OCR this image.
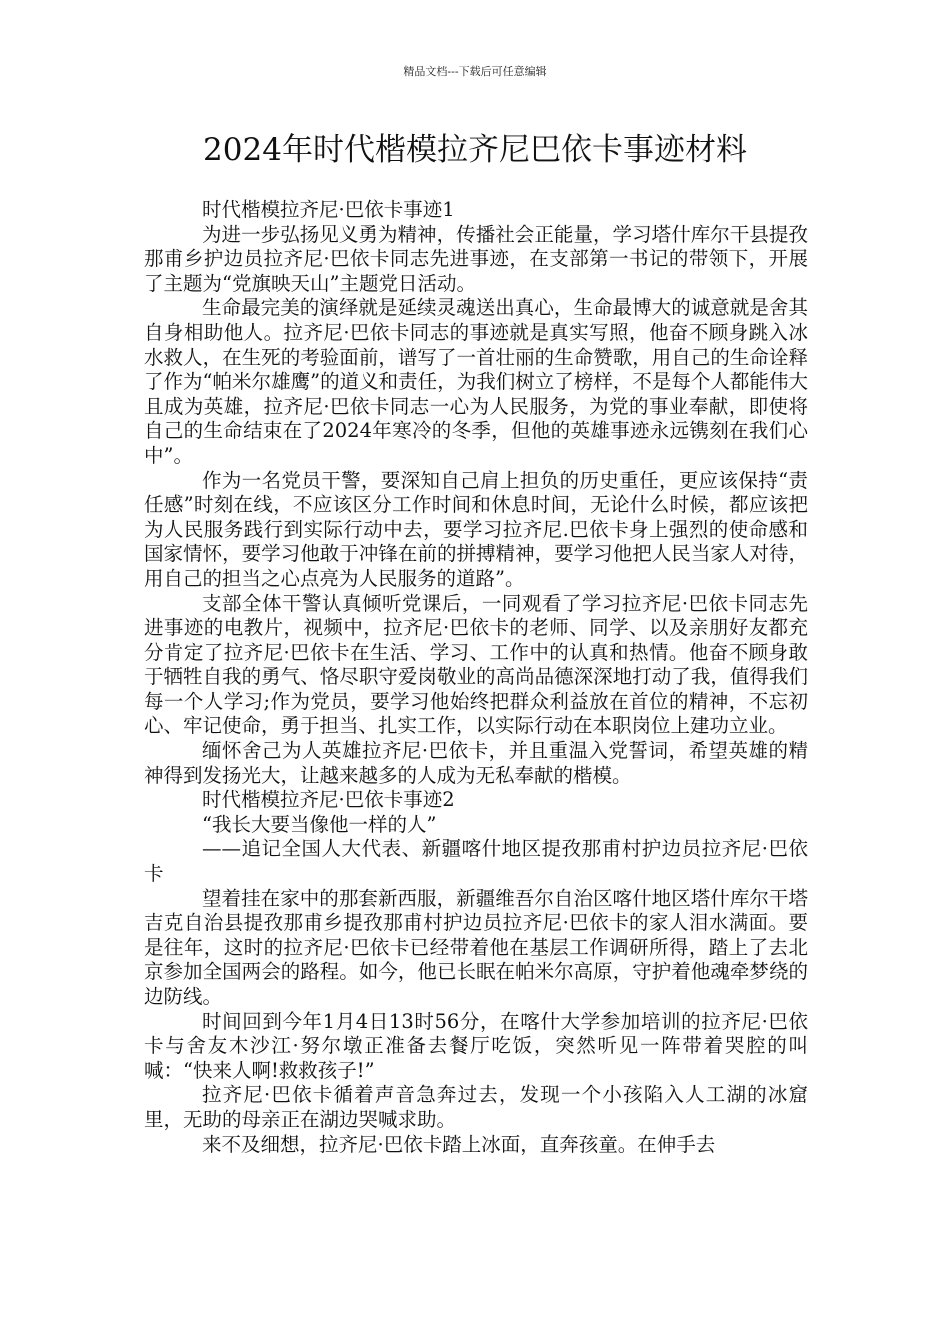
精品文档---下载后可任意编辑
2024年时代楷模拉齐尼巴依卡事迹材料

时代楷模拉齐尼·巴依卡事迹1

为进一步弘扬见义勇为精神，传播社会正能量，学习塔什库尔干县提孜那甫乡护边员拉齐尼·巴依卡同志先进事迹，在支部第一书记的带领下，开展了主题为“党旗映天山”主题党日活动。

生命最完美的演绎就是延续灵魂送出真心，生命最博大的诚意就是舍其自身相助他人。拉齐尼·巴依卡同志的事迹就是真实写照，他奋不顾身跳入冰水救人，在生死的考验面前，谱写了一首壮丽的生命赞歌，用自己的生命诠释了作为“帕米尔雄鹰”的道义和责任，为我们树立了榜样，不是每个人都能伟大且成为英雄，拉齐尼·巴依卡同志一心为人民服务，为党的事业奉献，即使将自己的生命结束在了2024年寒冷的冬季，但他的英雄事迹永远镌刻在我们心中”。

作为一名党员干警，要深知自己肩上担负的历史重任，更应该保持“责任感”时刻在线，不应该区分工作时间和休息时间，无论什么时候，都应该把为人民服务践行到实际行动中去，要学习拉齐尼.巴依卡身上强烈的使命感和国家情怀，要学习他敢于冲锋在前的拼搏精神，要学习他把人民当家人对待，用自己的担当之心点亮为人民服务的道路”。

支部全体干警认真倾听党课后，一同观看了学习拉齐尼·巴依卡同志先进事迹的电教片，视频中，拉齐尼·巴依卡的老师、同学、以及亲朋好友都充分肯定了拉齐尼·巴依卡在生活、学习、工作中的认真和热情。他奋不顾身敢于牺牲自我的勇气、恪尽职守爱岗敬业的高尚品德深深地打动了我，值得我们每一个人学习;作为党员，要学习他始终把群众利益放在首位的精神，不忘初心、牢记使命，勇于担当、扎实工作，以实际行动在本职岗位上建功立业。

缅怀舍己为人英雄拉齐尼·巴依卡，并且重温入党誓词，希望英雄的精神得到发扬光大，让越来越多的人成为无私奉献的楷模。

时代楷模拉齐尼·巴依卡事迹2

“我长大要当像他一样的人”

——追记全国人大代表、新疆喀什地区提孜那甫村护边员拉齐尼·巴依卡

望着挂在家中的那套新西服，新疆维吾尔自治区喀什地区塔什库尔干塔吉克自治县提孜那甫乡提孜那甫村护边员拉齐尼·巴依卡的家人泪水满面。要是往年，这时的拉齐尼·巴依卡已经带着他在基层工作调研所得，踏上了去北京参加全国两会的路程。如今，他已长眠在帕米尔高原，守护着他魂牵梦绕的边防线。

时间回到今年1月4日13时56分，在喀什大学参加培训的拉齐尼·巴依卡与舍友木沙江·努尔墩正准备去餐厅吃饭，突然听见一阵带着哭腔的叫喊：“快来人啊!救救孩子!”

拉齐尼·巴依卡循着声音急奔过去，发现一个小孩陷入人工湖的冰窟里，无助的母亲正在湖边哭喊求助。

来不及细想，拉齐尼·巴依卡踏上冰面，直奔孩童。在伸手去
